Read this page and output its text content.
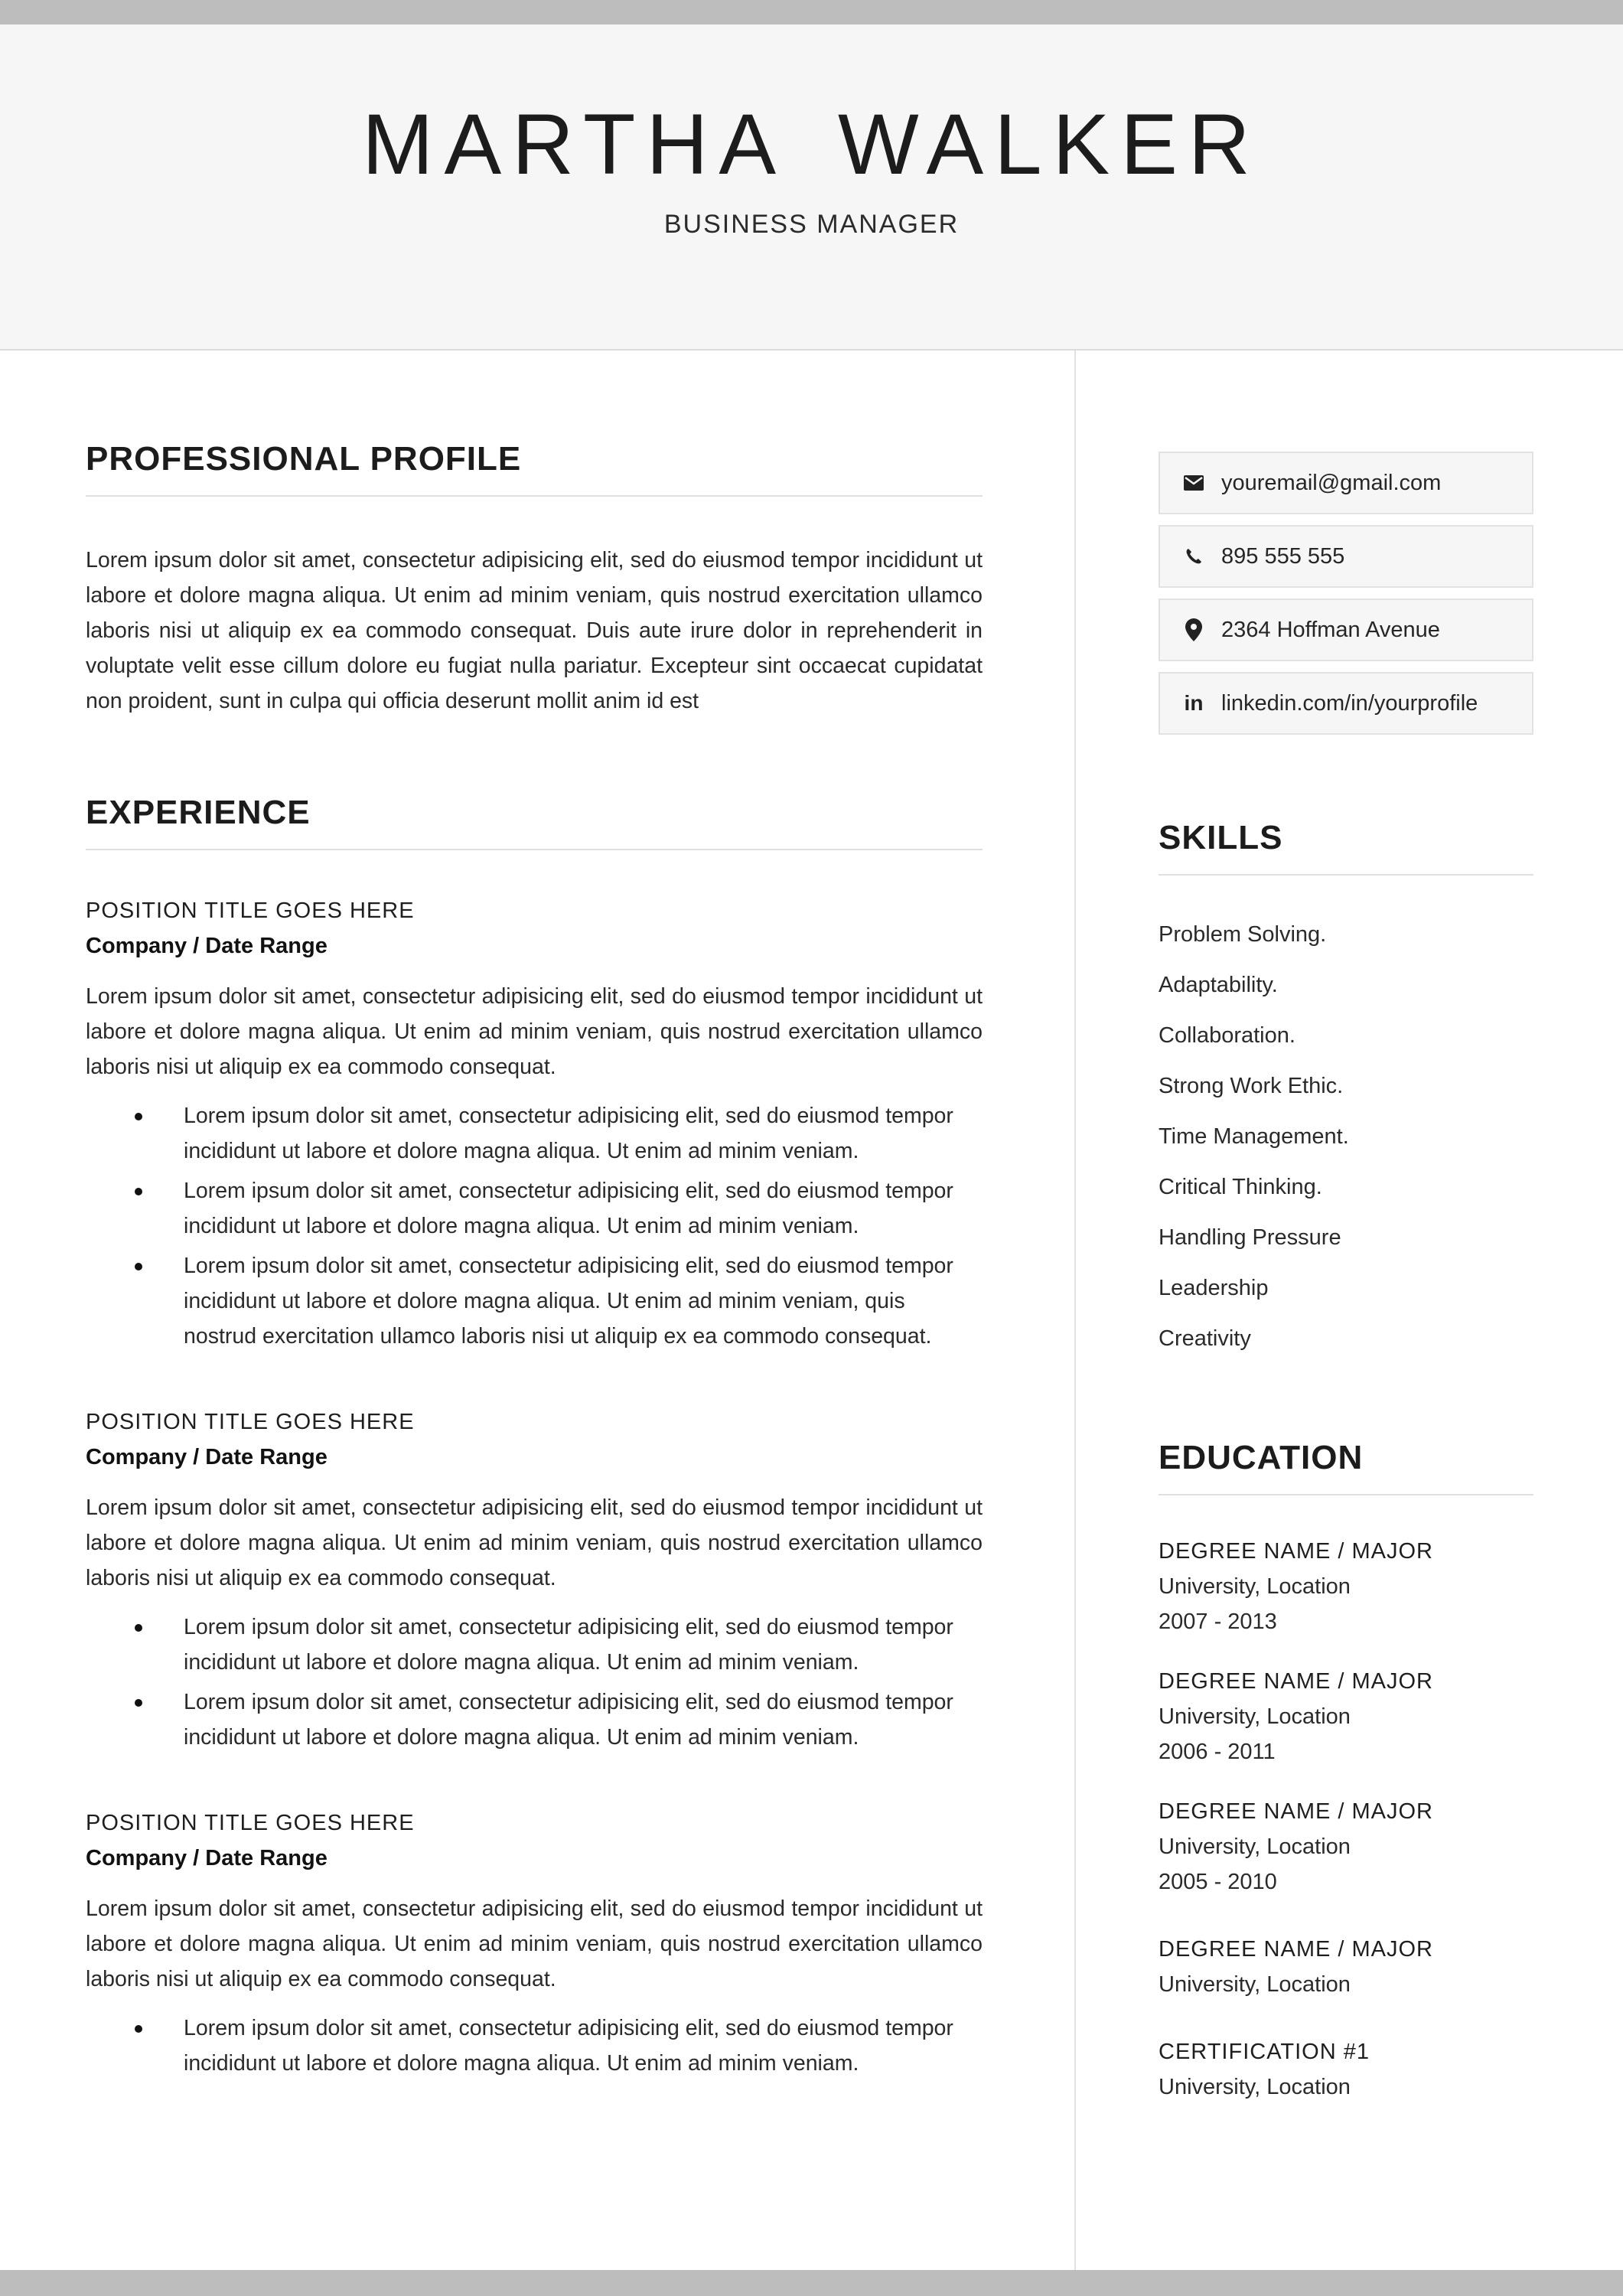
MARTHA WALKER
BUSINESS MANAGER
PROFESSIONAL PROFILE

Lorem ipsum dolor sit amet, consectetur adipisicing elit, sed do eiusmod tempor incididunt ut labore et dolore magna aliqua. Ut enim ad minim veniam, quis nostrud exercitation ullamco laboris nisi ut aliquip ex ea commodo consequat. Duis aute irure dolor in reprehenderit in voluptate velit esse cillum dolore eu fugiat nulla pariatur. Excepteur sint occaecat cupidatat non proident, sunt in culpa qui officia deserunt mollit anim id est

EXPERIENCE
POSITION TITLE GOES HERE
Company / Date Range

Lorem ipsum dolor sit amet, consectetur adipisicing elit, sed do eiusmod tempor incididunt ut labore et dolore magna aliqua. Ut enim ad minim veniam, quis nostrud exercitation ullamco laboris nisi ut aliquip ex ea commodo consequat.

Lorem ipsum dolor sit amet, consectetur adipisicing elit, sed do eiusmod tempor incididunt ut labore et dolore magna aliqua. Ut enim ad minim veniam.
Lorem ipsum dolor sit amet, consectetur adipisicing elit, sed do eiusmod tempor incididunt ut labore et dolore magna aliqua. Ut enim ad minim veniam.
Lorem ipsum dolor sit amet, consectetur adipisicing elit, sed do eiusmod tempor incididunt ut labore et dolore magna aliqua. Ut enim ad minim veniam, quis nostrud exercitation ullamco laboris nisi ut aliquip ex ea commodo consequat.
POSITION TITLE GOES HERE
Company / Date Range

Lorem ipsum dolor sit amet, consectetur adipisicing elit, sed do eiusmod tempor incididunt ut labore et dolore magna aliqua. Ut enim ad minim veniam, quis nostrud exercitation ullamco laboris nisi ut aliquip ex ea commodo consequat.

Lorem ipsum dolor sit amet, consectetur adipisicing elit, sed do eiusmod tempor incididunt ut labore et dolore magna aliqua. Ut enim ad minim veniam.
Lorem ipsum dolor sit amet, consectetur adipisicing elit, sed do eiusmod tempor incididunt ut labore et dolore magna aliqua. Ut enim ad minim veniam.
POSITION TITLE GOES HERE
Company / Date Range

Lorem ipsum dolor sit amet, consectetur adipisicing elit, sed do eiusmod tempor incididunt ut labore et dolore magna aliqua. Ut enim ad minim veniam, quis nostrud exercitation ullamco laboris nisi ut aliquip ex ea commodo consequat.

Lorem ipsum dolor sit amet, consectetur adipisicing elit, sed do eiusmod tempor incididunt ut labore et dolore magna aliqua. Ut enim ad minim veniam.
youremail@gmail.com
895 555 555
2364 Hoffman Avenue
in linkedin.com/in/yourprofile
SKILLS
Problem Solving.
Adaptability.
Collaboration.
Strong Work Ethic.
Time Management.
Critical Thinking.
Handling Pressure
Leadership
Creativity
EDUCATION
DEGREE NAME / MAJOR
University, Location
2007 - 2013
DEGREE NAME / MAJOR
University, Location
2006 - 2011
DEGREE NAME / MAJOR
University, Location
2005 - 2010
DEGREE NAME / MAJOR
University, Location
CERTIFICATION #1
University, Location
